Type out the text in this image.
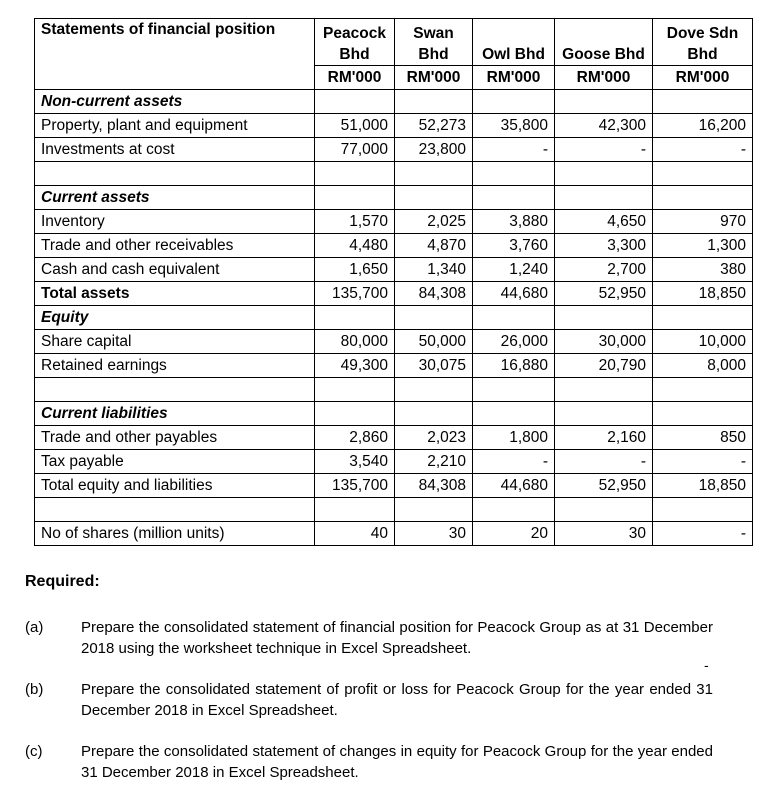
Statements of financial position	Peacock Bhd	Swan Bhd	Owl Bhd	Goose Bhd	Dove Sdn Bhd
	RM'000	RM'000	RM'000	RM'000	RM'000
Non-current assets					
Property, plant and equipment	51,000	52,273	35,800	42,300	16,200
Investments at cost	77,000	23,800	-	-	-

Current assets					
Inventory	1,570	2,025	3,880	4,650	970
Trade and other receivables	4,480	4,870	3,760	3,300	1,300
Cash and cash equivalent	1,650	1,340	1,240	2,700	380
Total assets	135,700	84,308	44,680	52,950	18,850
Equity					
Share capital	80,000	50,000	26,000	30,000	10,000
Retained earnings	49,300	30,075	16,880	20,790	8,000

Current liabilities					
Trade and other payables	2,860	2,023	1,800	2,160	850
Tax payable	3,540	2,210	-	-	-
Total equity and liabilities	135,700	84,308	44,680	52,950	18,850

No of shares (million units)	40	30	20	30	-
Required:
(a)	Prepare the consolidated statement of financial position for Peacock Group as at 31 December 2018 using the worksheet technique in Excel Spreadsheet.
-
(b)	Prepare the consolidated statement of profit or loss for Peacock Group for the year ended 31 December 2018 in Excel Spreadsheet.
(c)	Prepare the consolidated statement of changes in equity for Peacock Group for the year ended 31 December 2018 in Excel Spreadsheet.
